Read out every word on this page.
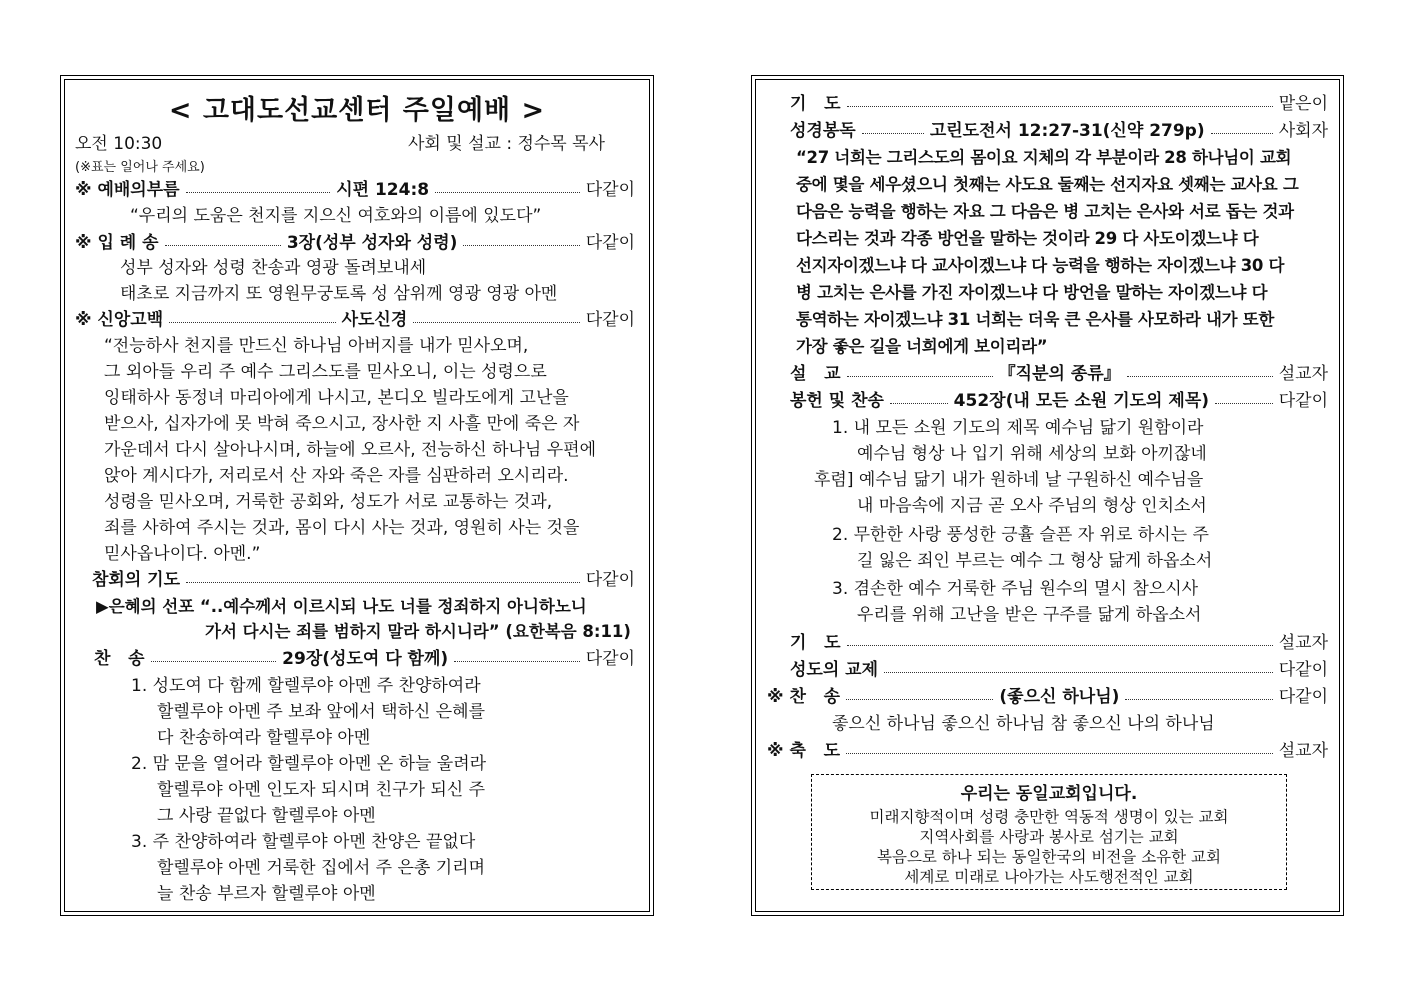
< 고대도선교센터 주일예배 >
오전 10:30	사회 및 설교 : 정수목 목사
(※표는 일어나 주세요)
※ 예배의부름	시편 124:8	다같이
“우리의 도움은 천지를 지으신 여호와의 이름에 있도다”
※ 입 례 송	3장(성부 성자와 성령)	다같이
성부 성자와 성령 찬송과 영광 돌려보내세
태초로 지금까지 또 영원무궁토록 성 삼위께 영광 영광 아멘
※ 신앙고백	사도신경	다같이
“전능하사 천지를 만드신 하나님 아버지를 내가 믿사오며,
그 외아들 우리 주 예수 그리스도를 믿사오니, 이는 성령으로
잉태하사 동정녀 마리아에게 나시고, 본디오 빌라도에게 고난을
받으사, 십자가에 못 박혀 죽으시고, 장사한 지 사흘 만에 죽은 자
가운데서 다시 살아나시며, 하늘에 오르사, 전능하신 하나님 우편에
앉아 계시다가, 저리로서 산 자와 죽은 자를 심판하러 오시리라.
성령을 믿사오며, 거룩한 공회와, 성도가 서로 교통하는 것과,
죄를 사하여 주시는 것과, 몸이 다시 사는 것과, 영원히 사는 것을
믿사옵나이다. 아멘.”
참회의 기도	다같이
▶은혜의 선포 “..예수께서 이르시되 나도 너를 정죄하지 아니하노니
가서 다시는 죄를 범하지 말라 하시니라” (요한복음 8:11)
찬   송	29장(성도여 다 함께)	다같이
1. 성도여 다 함께 할렐루야 아멘 주 찬양하여라
할렐루야 아멘 주 보좌 앞에서 택하신 은혜를
다 찬송하여라 할렐루야 아멘
2. 맘 문을 열어라 할렐루야 아멘 온 하늘 울려라
할렐루야 아멘 인도자 되시며 친구가 되신 주
그 사랑 끝없다 할렐루야 아멘
3. 주 찬양하여라 할렐루야 아멘 찬양은 끝없다
할렐루야 아멘 거룩한 집에서 주 은총 기리며
늘 찬송 부르자 할렐루야 아멘
기   도	맡은이
성경봉독	고린도전서 12:27-31(신약 279p)	사회자
“27 너희는 그리스도의 몸이요 지체의 각 부분이라 28 하나님이 교회
중에 몇을 세우셨으니 첫째는 사도요 둘째는 선지자요 셋째는 교사요 그
다음은 능력을 행하는 자요 그 다음은 병 고치는 은사와 서로 돕는 것과
다스리는 것과 각종 방언을 말하는 것이라 29 다 사도이겠느냐 다
선지자이겠느냐 다 교사이겠느냐 다 능력을 행하는 자이겠느냐 30 다
병 고치는 은사를 가진 자이겠느냐 다 방언을 말하는 자이겠느냐 다
통역하는 자이겠느냐 31 너희는 더욱 큰 은사를 사모하라 내가 또한
가장 좋은 길을 너희에게 보이리라”
설   교	『직분의 종류』	설교자
봉헌 및 찬송	452장(내 모든 소원 기도의 제목)	다같이
1. 내 모든 소원 기도의 제목 예수님 닮기 원함이라
예수님 형상 나 입기 위해 세상의 보화 아끼잖네
후렴] 예수님 닮기 내가 원하네 날 구원하신 예수님을
내 마음속에 지금 곧 오사 주님의 형상 인치소서
2. 무한한 사랑 풍성한 긍휼 슬픈 자 위로 하시는 주
길 잃은 죄인 부르는 예수 그 형상 닮게 하옵소서
3. 겸손한 예수 거룩한 주님 원수의 멸시 참으시사
우리를 위해 고난을 받은 구주를 닮게 하옵소서
기   도	설교자
성도의 교제	다같이
※ 찬   송	(좋으신 하나님)	다같이
좋으신 하나님 좋으신 하나님 참 좋으신 나의 하나님
※ 축   도	설교자
우리는 동일교회입니다.
미래지향적이며 성령 충만한 역동적 생명이 있는 교회
지역사회를 사랑과 봉사로 섬기는 교회
복음으로 하나 되는 동일한국의 비전을 소유한 교회
세계로 미래로 나아가는 사도행전적인 교회
